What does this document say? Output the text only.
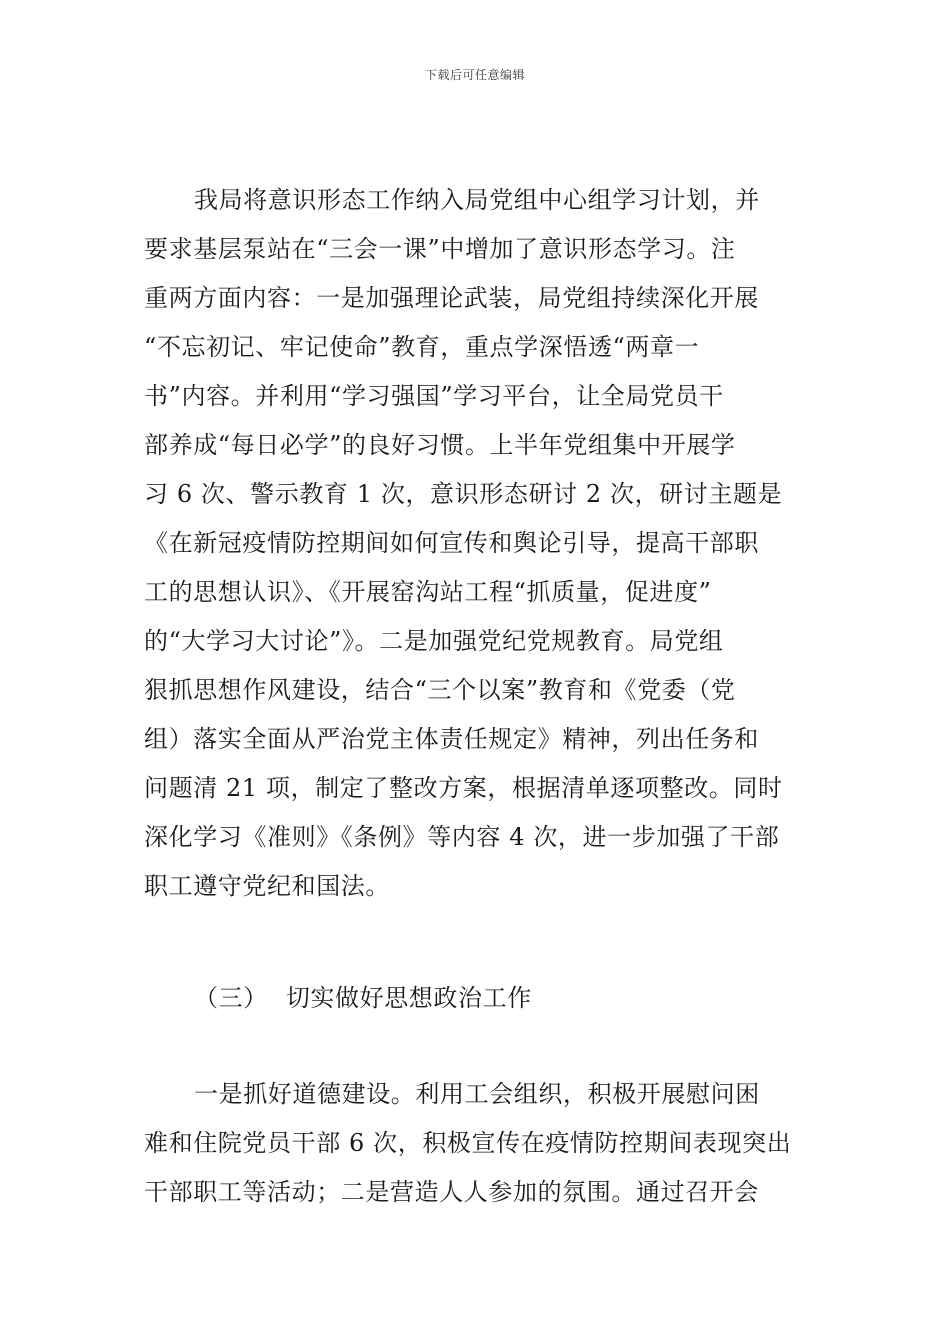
下载后可任意编辑
我局将意识形态工作纳入局党组中心组学习计划，并
要求基层泵站在“三会一课”中增加了意识形态学习。注
重两方面内容：一是加强理论武装，局党组持续深化开展
“不忘初记、牢记使命”教育，重点学深悟透“两章一
书”内容。并利用“学习强国”学习平台，让全局党员干
部养成“每日必学”的良好习惯。上半年党组集中开展学
习 6 次、警示教育 1 次，意识形态研讨 2 次，研讨主题是
《在新冠疫情防控期间如何宣传和舆论引导，提高干部职
工的思想认识》、《开展窑沟站工程“抓质量，促进度”
的“大学习大讨论”》。二是加强党纪党规教育。局党组
狠抓思想作风建设，结合“三个以案”教育和《党委（党
组）落实全面从严治党主体责任规定》精神，列出任务和
问题清 21 项，制定了整改方案，根据清单逐项整改。同时
深化学习《准则》《条例》等内容 4 次，进一步加强了干部
职工遵守党纪和国法。
（三） 切实做好思想政治工作
一是抓好道德建设。利用工会组织，积极开展慰问困
难和住院党员干部 6 次，积极宣传在疫情防控期间表现突出
干部职工等活动；二是营造人人参加的氛围。通过召开会
